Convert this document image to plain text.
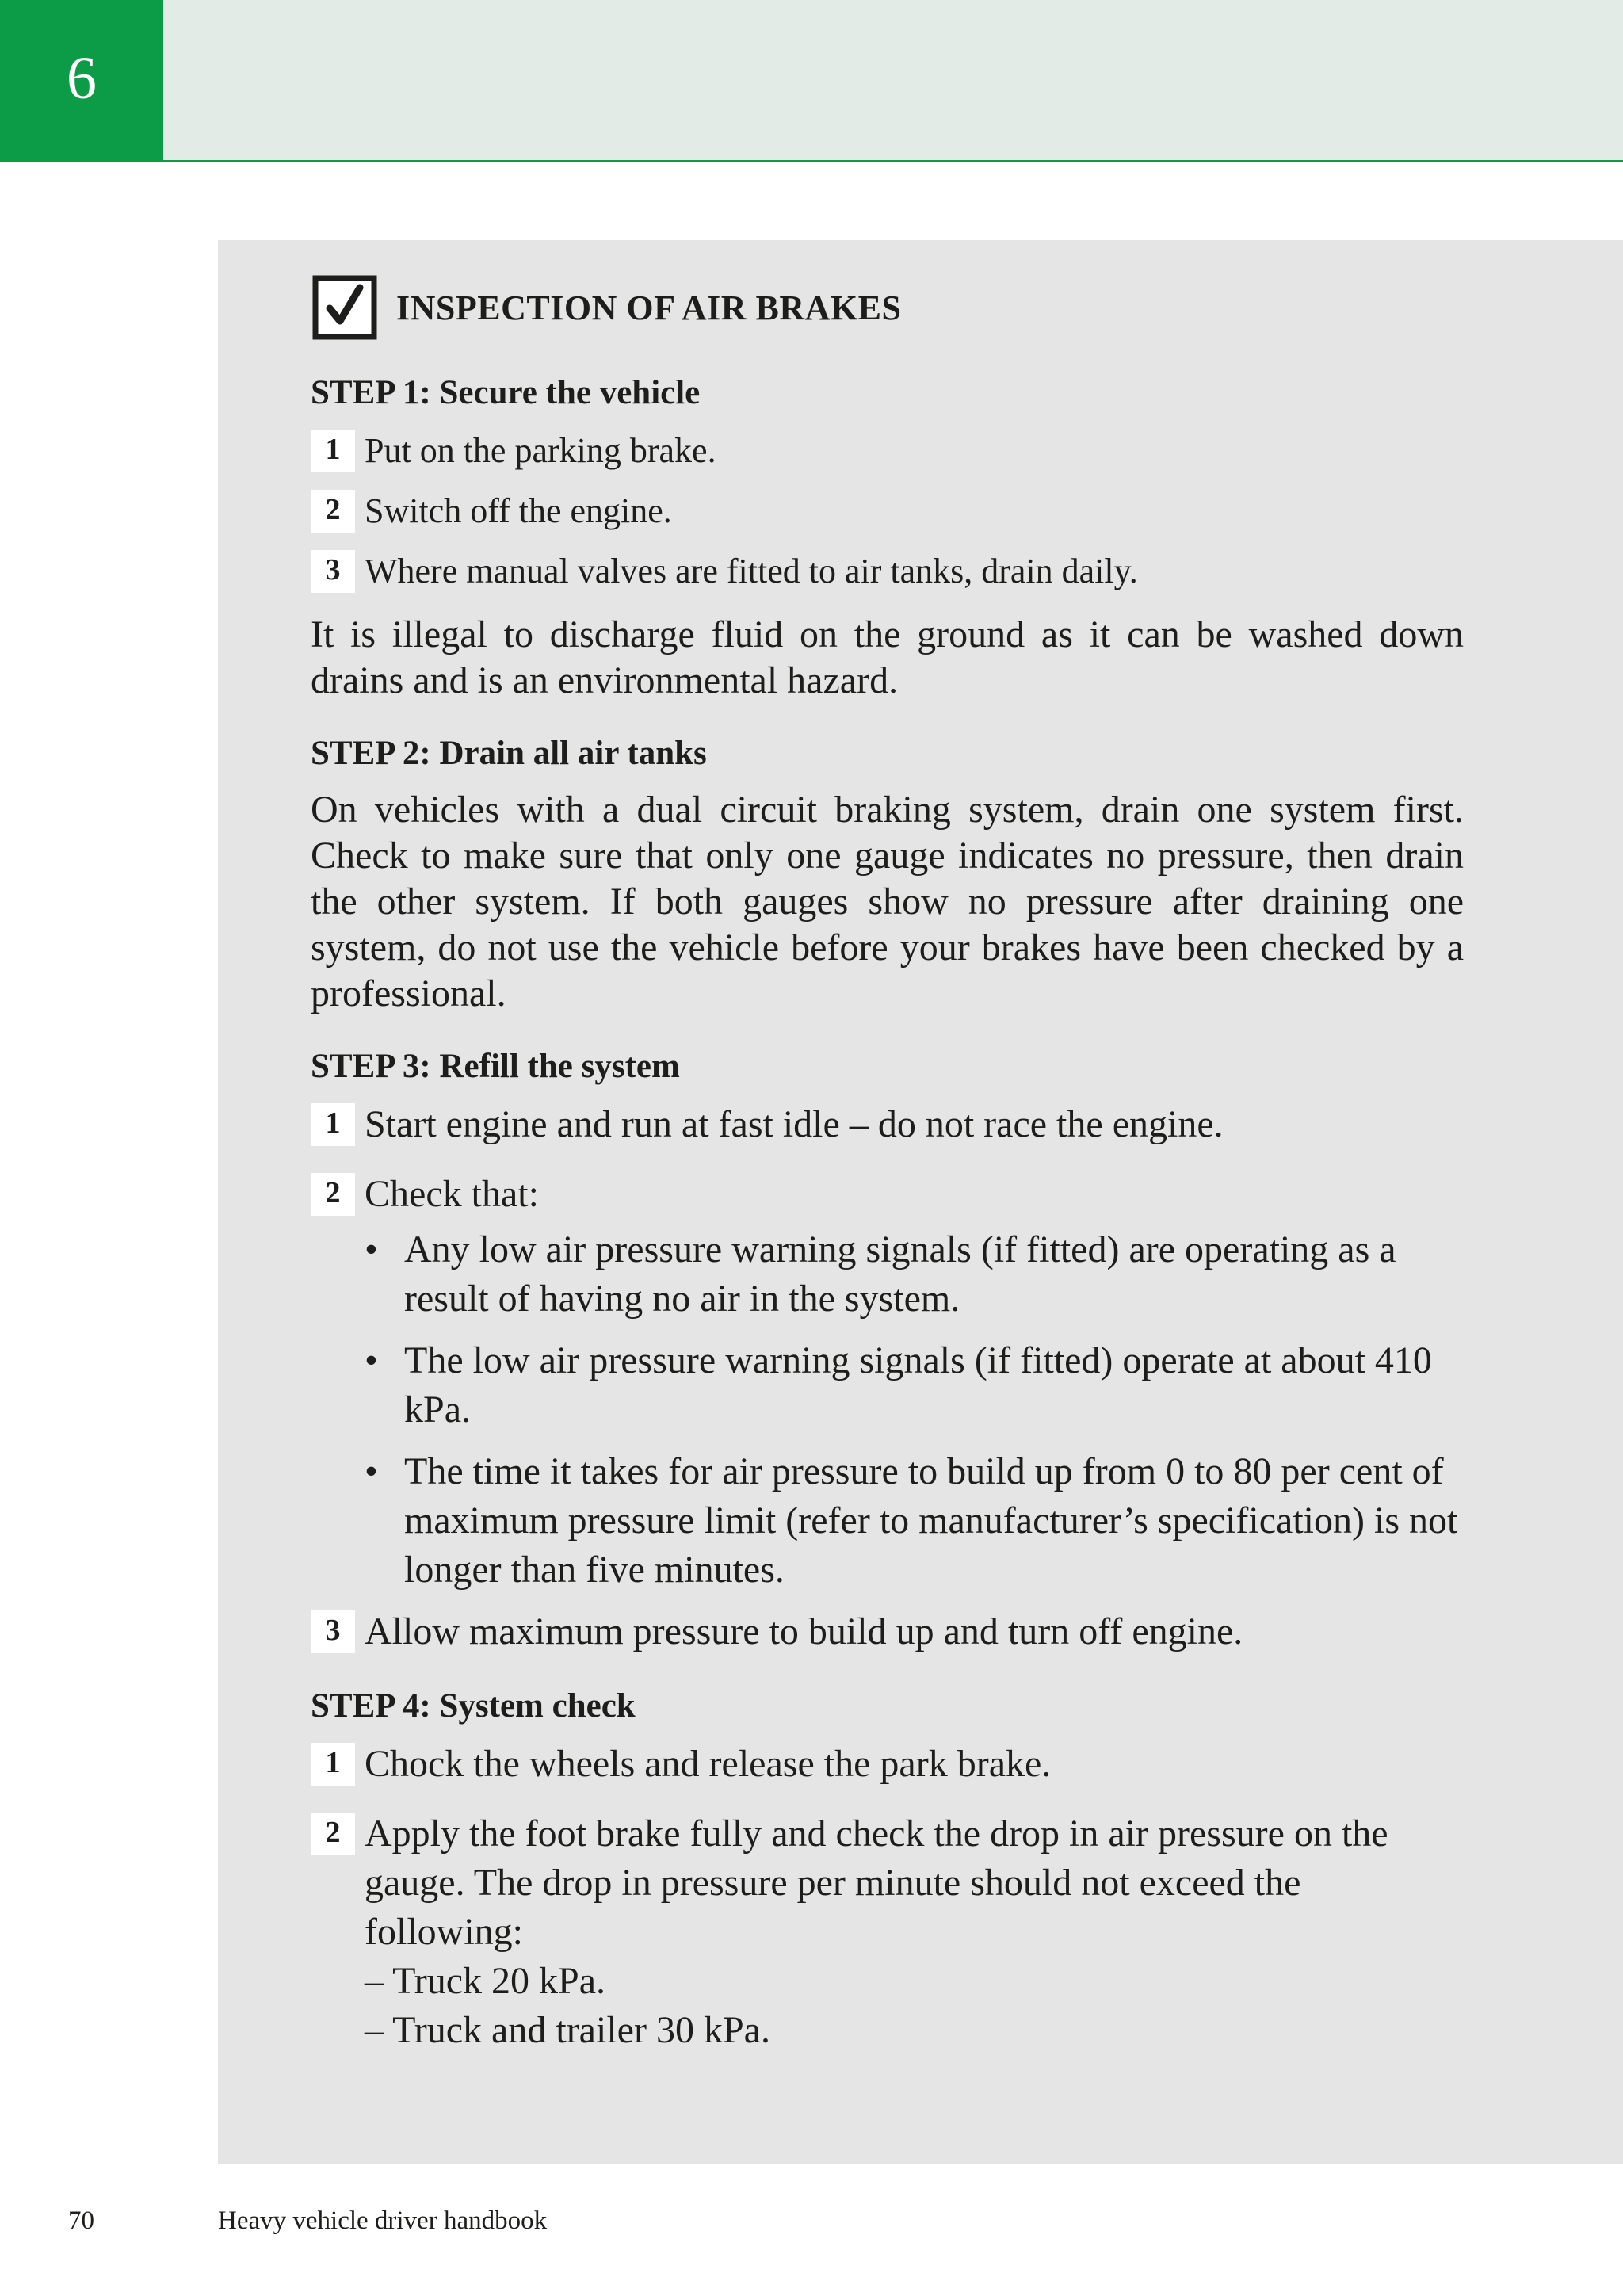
6
INSPECTION OF AIR BRAKES
STEP 1: Secure the vehicle
1 Put on the parking brake.
2 Switch off the engine.
3 Where manual valves are fitted to air tanks, drain daily.

It is illegal to discharge fluid on the ground as it can be washed down drains and is an environmental hazard.

STEP 2: Drain all air tanks

On vehicles with a dual circuit braking system, drain one system first. Check to make sure that only one gauge indicates no pressure, then drain the other system. If both gauges show no pressure after draining one system, do not use the vehicle before your brakes have been checked by a professional.

STEP 3: Refill the system
1 Start engine and run at fast idle – do not race the engine.
2 Check that:
• Any low air pressure warning signals (if fitted) are operating as a result of having no air in the system.
• The low air pressure warning signals (if fitted) operate at about 410 kPa.
• The time it takes for air pressure to build up from 0 to 80 per cent of maximum pressure limit (refer to manufacturer’s specification) is not longer than five minutes.
3 Allow maximum pressure to build up and turn off engine.
STEP 4: System check
1 Chock the wheels and release the park brake.
2 Apply the foot brake fully and check the drop in air pressure on the gauge. The drop in pressure per minute should not exceed the following:
– Truck 20 kPa.
– Truck and trailer 30 kPa.
70	Heavy vehicle driver handbook
